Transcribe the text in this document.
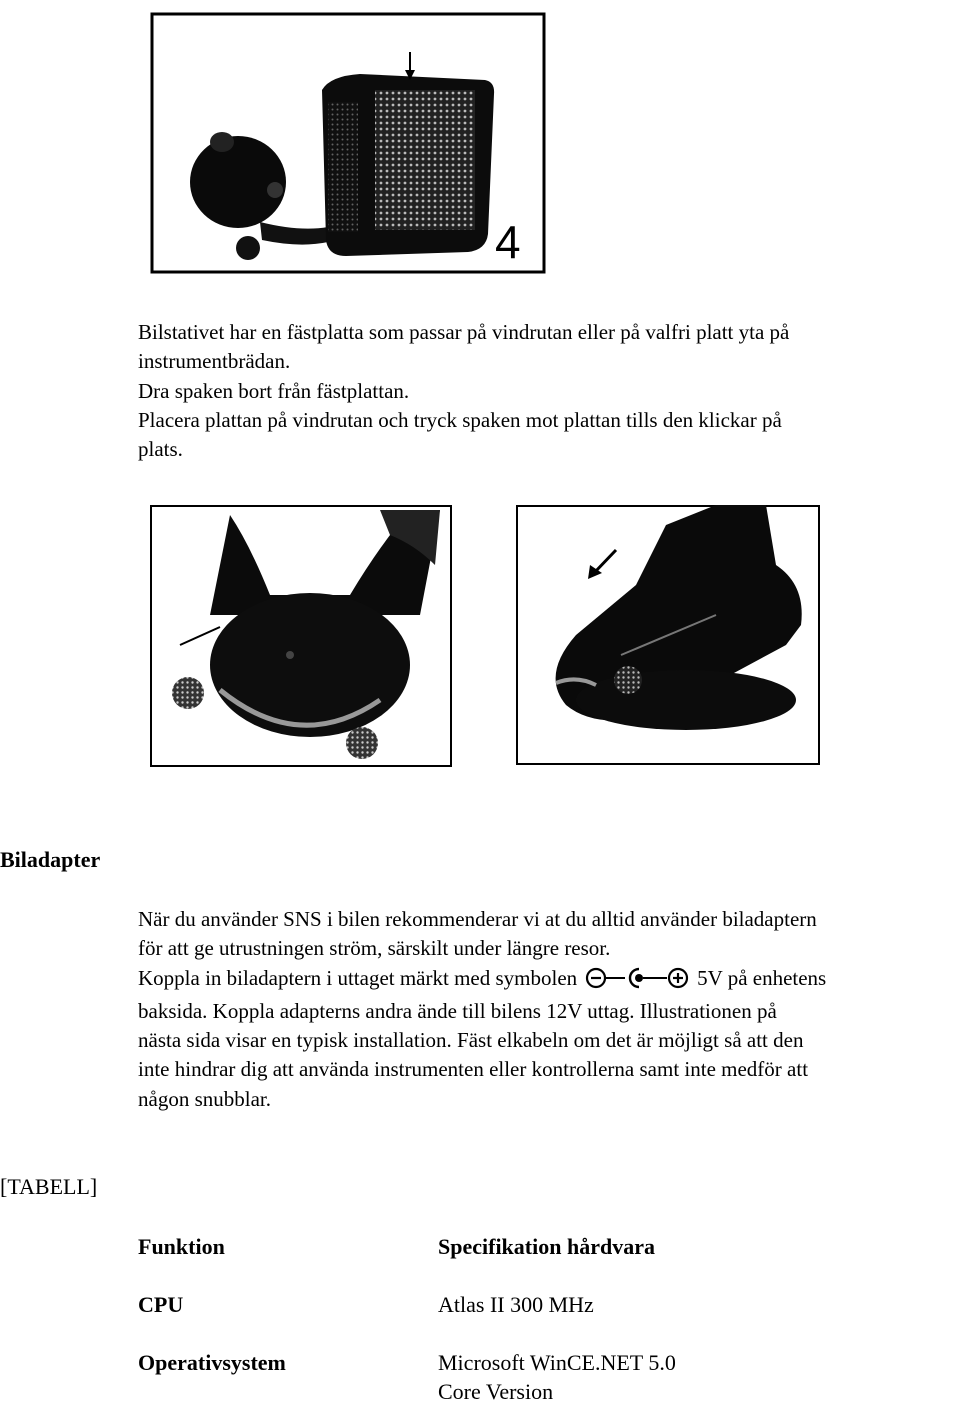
4
Bilstativet har en fästplatta som passar på vindrutan eller på valfri platt yta på
instrumentbrädan.
Dra spaken bort från fästplattan.
Placera plattan på vindrutan och tryck spaken mot plattan tills den klickar på
plats.
Biladapter
När du använder SNS i bilen rekommenderar vi at du alltid använder biladaptern
för att ge utrustningen ström, särskilt under längre resor.
Koppla in biladaptern i uttaget märkt med symbolen	5V på enhetens
baksida. Koppla adapterns andra ände till bilens 12V uttag. Illustrationen på
nästa sida visar en typisk installation. Fäst elkabeln om det är möjligt så att den
inte hindrar dig att använda instrumenten eller kontrollerna samt inte medför att
någon snubblar.
[TABELL]
Funktion	Specifikation hårdvara
CPU	Atlas II 300 MHz
Operativsystem	Microsoft WinCE.NET 5.0
Core Version
